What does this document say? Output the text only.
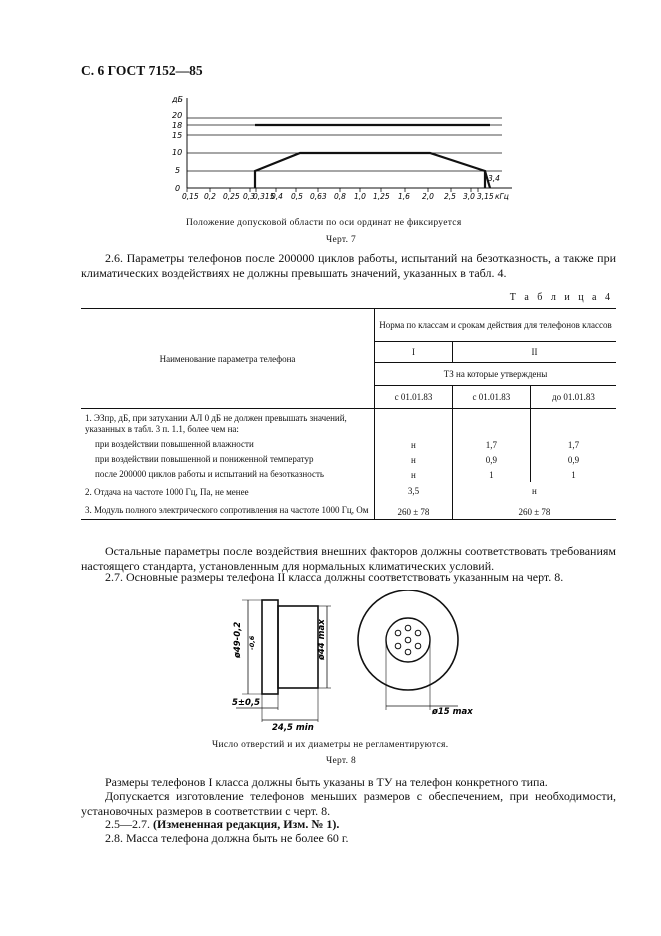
С. 6 ГОСТ 7152—85
дБ
0
5
10
15
18
20
0,15 0,2 0,25 0,3
0,315
0,4 0,5 0,63 0,8 1,0 1,25 1,6 2,0 2,5 3,0 3,15 кГц
3,4
Положение допусковой области по оси ординат не фиксируется
Черт. 7
2.6. Параметры телефонов после 200000 циклов работы, испытаний на безотказность, а также при климатических воздействиях не должны превышать значений, указанных в табл. 4.
Т а б л и ц а 4
Наименование параметра телефона	Норма по классам и срокам действия для телефонов классов		
	I	II	
	ТЗ на которые утверждены		
	с 01.01.83	с 01.01.83	до 01.01.83
1. ЭЗпр, дБ, при затухании АЛ 0 дБ не должен превышать значений, указанных в табл. 3 п. 1.1, более чем на:			
при воздействии повышенной влажности	н	1,7	1,7
при воздействии повышенной и пониженной температур	н	0,9	0,9
после 200000 циклов работы и испытаний на безотказность	н	1	1
2. Отдача на частоте 1000 Гц, Па, не менее	3,5	н	
3. Модуль полного электрического сопротивления на частоте 1000 Гц, Ом	260 ± 78	260 ± 78	
Остальные параметры после воздействия внешних факторов должны соответствовать требованиям настоящего стандарта, установленным для нормальных климатических условий.
2.7. Основные размеры телефона II класса должны соответствовать указанным на черт. 8.
ø49-0,2 -0,6	ø44 max
5±0,5
24,5 min
ø15 max
Число отверстий и их диаметры не регламентируются.
Черт. 8
Размеры телефонов I класса должны быть указаны в ТУ на телефон конкретного типа.
Допускается изготовление телефонов меньших размеров с обеспечением, при необходимости, установочных размеров в соответствии с черт. 8.
2.5—2.7. (Измененная редакция, Изм. № 1).
2.8. Масса телефона должна быть не более 60 г.
